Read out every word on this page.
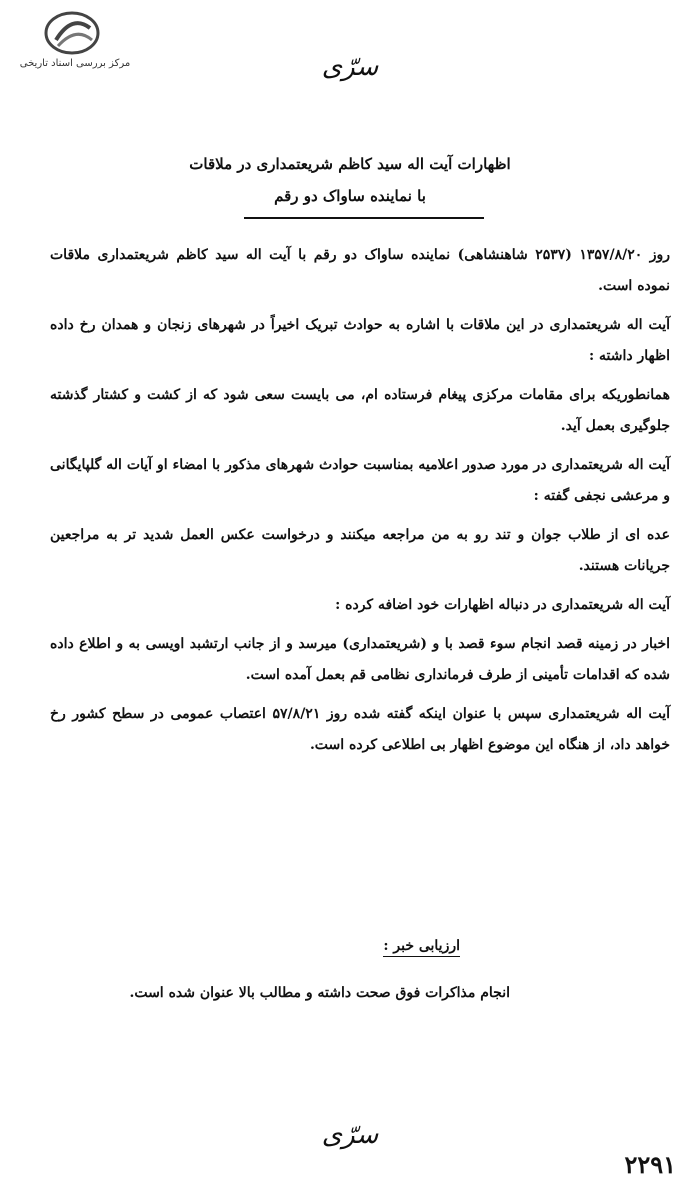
مرکز بررسی اسناد تاریخی	سرّی
اظهارات آیت اله سید کاظم شریعتمداری در ملاقات
با نماینده ساواک دو رقم

روز ۱۳۵۷/۸/۲۰ (۲۵۳۷ شاهنشاهی) نماینده ساواک دو رقم با آیت اله سید کاظم شریعتمداری ملاقات نموده است.

آیت اله شریعتمداری در این ملاقات با اشاره به حوادث تبریک اخیراً در شهرهای زنجان و همدان رخ داده اظهار داشته :

همانطوریکه برای مقامات مرکزی پیغام فرستاده ام، می بایست سعی شود که از کشت و کشتار گذشته جلوگیری بعمل آید.

آیت اله شریعتمداری در مورد صدور اعلامیه بمناسبت حوادث شهرهای مذکور با امضاء او آیات اله گلپایگانی و مرعشی نجفی گفته :

عده ای از طلاب جوان و تند رو به من مراجعه میکنند و درخواست عکس العمل شدید تر به مراجعین جریانات هستند.

آیت اله شریعتمداری در دنباله اظهارات خود اضافه کرده :

اخبار در زمینه قصد انجام سوء قصد با و (شریعتمداری) میرسد و از جانب ارتشبد اویسی به و اطلاع داده شده که اقدامات تأمینی از طرف فرمانداری نظامی قم بعمل آمده است.

آیت اله شریعتمداری سپس با عنوان اینکه گفته شده روز ۵۷/۸/۲۱ اعتصاب عمومی در سطح کشور رخ خواهد داد، از هنگاه این موضوع اظهار بی اطلاعی کرده است.

ارزیابی خبر :
انجام مذاکرات فوق صحت داشته و مطالب بالا عنوان شده است.
سرّی
۲۲۹۱
